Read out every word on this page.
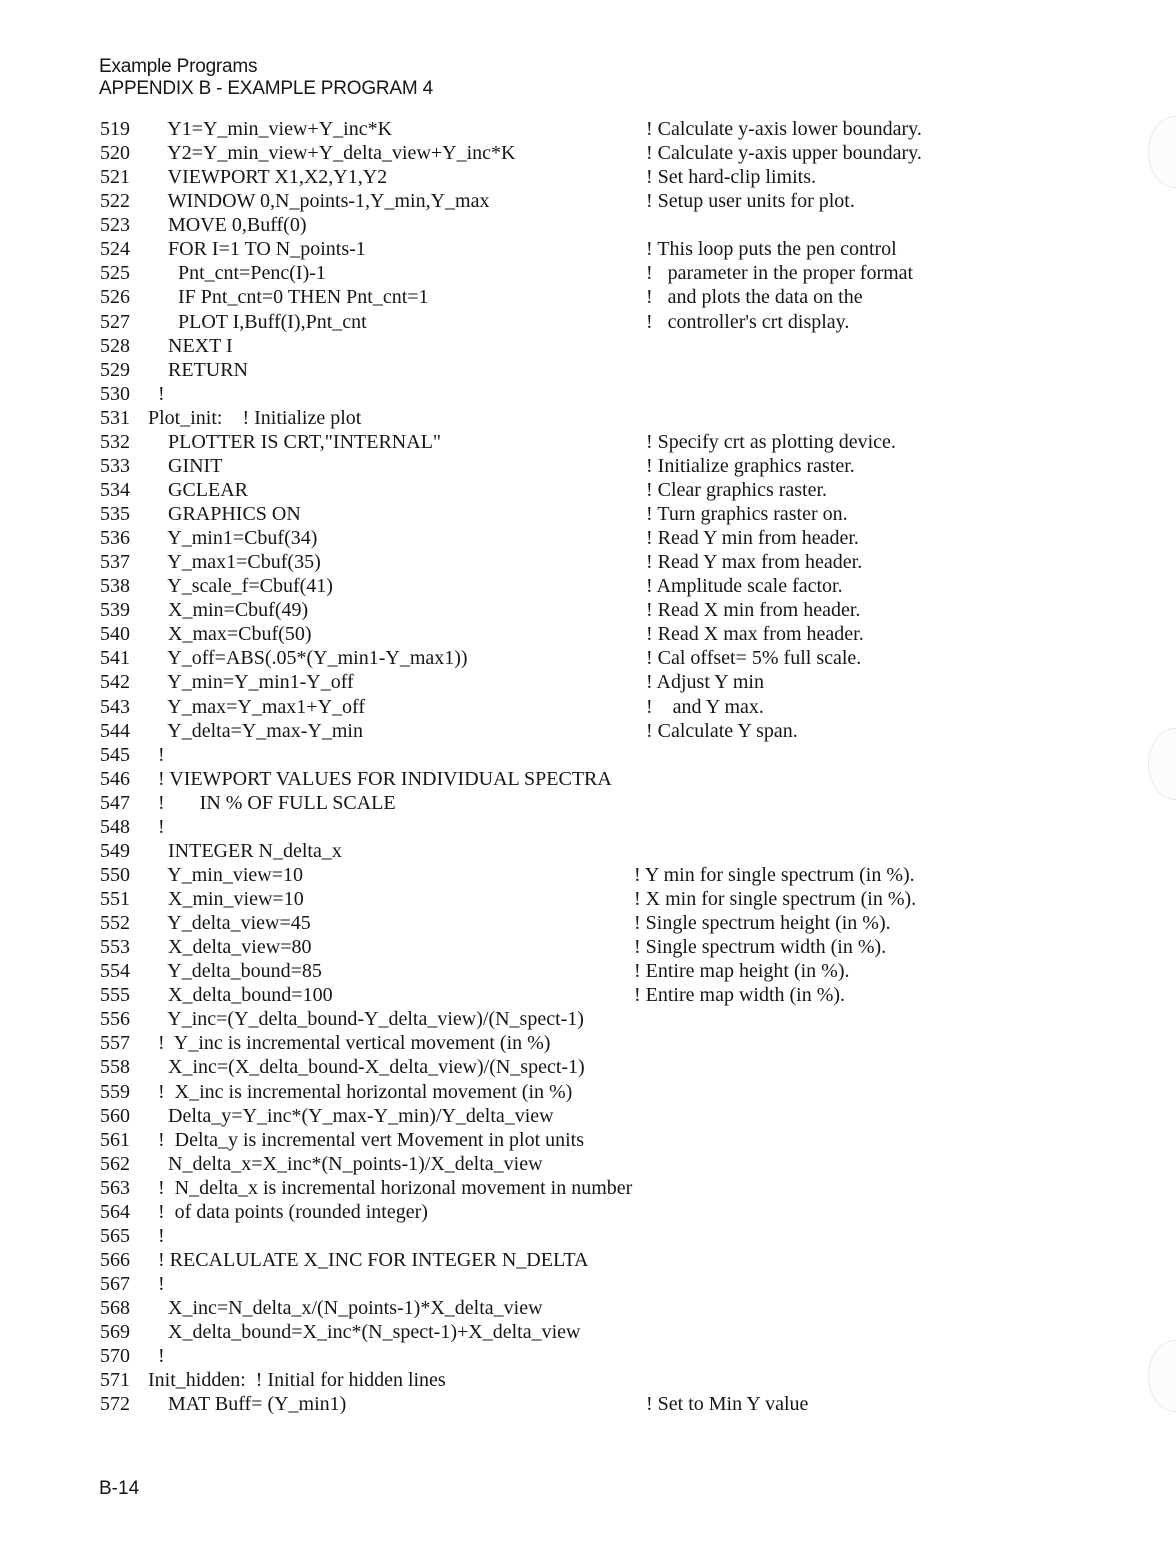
Example Programs
APPENDIX B - EXAMPLE PROGRAM 4
519 Y1=Y_min_view+Y_inc*K	! Calculate y-axis lower boundary.
520 Y2=Y_min_view+Y_delta_view+Y_inc*K	! Calculate y-axis upper boundary.
521 VIEWPORT X1,X2,Y1,Y2	! Set hard-clip limits.
522 WINDOW 0,N_points-1,Y_min,Y_max	! Setup user units for plot.
523 MOVE 0,Buff(0)
524 FOR I=1 TO N_points-1	! This loop puts the pen control
525 Pnt_cnt=Penc(I)-1	!   parameter in the proper format
526 IF Pnt_cnt=0 THEN Pnt_cnt=1	!   and plots the data on the
527 PLOT I,Buff(I),Pnt_cnt	!   controller's crt display.
528 NEXT I
529 RETURN
530 !
531 Plot_init:    ! Initialize plot
532 PLOTTER IS CRT,"INTERNAL"	! Specify crt as plotting device.
533 GINIT	! Initialize graphics raster.
534 GCLEAR	! Clear graphics raster.
535 GRAPHICS ON	! Turn graphics raster on.
536 Y_min1=Cbuf(34)	! Read Y min from header.
537 Y_max1=Cbuf(35)	! Read Y max from header.
538 Y_scale_f=Cbuf(41)	! Amplitude scale factor.
539 X_min=Cbuf(49)	! Read X min from header.
540 X_max=Cbuf(50)	! Read X max from header.
541 Y_off=ABS(.05*(Y_min1-Y_max1))	! Cal offset= 5% full scale.
542 Y_min=Y_min1-Y_off	! Adjust Y min
543 Y_max=Y_max1+Y_off	!    and Y max.
544 Y_delta=Y_max-Y_min	! Calculate Y span.
545 !
546 ! VIEWPORT VALUES FOR INDIVIDUAL SPECTRA
547 !       IN % OF FULL SCALE
548 !
549 INTEGER N_delta_x
550 Y_min_view=10	! Y min for single spectrum (in %).
551 X_min_view=10	! X min for single spectrum (in %).
552 Y_delta_view=45	! Single spectrum height (in %).
553 X_delta_view=80	! Single spectrum width (in %).
554 Y_delta_bound=85	! Entire map height (in %).
555 X_delta_bound=100	! Entire map width (in %).
556 Y_inc=(Y_delta_bound-Y_delta_view)/(N_spect-1)
557 !  Y_inc is incremental vertical movement (in %)
558 X_inc=(X_delta_bound-X_delta_view)/(N_spect-1)
559 !  X_inc is incremental horizontal movement (in %)
560 Delta_y=Y_inc*(Y_max-Y_min)/Y_delta_view
561 !  Delta_y is incremental vert Movement in plot units
562 N_delta_x=X_inc*(N_points-1)/X_delta_view
563 !  N_delta_x is incremental horizonal movement in number
564 !  of data points (rounded integer)
565 !
566 ! RECALULATE X_INC FOR INTEGER N_DELTA
567 !
568 X_inc=N_delta_x/(N_points-1)*X_delta_view
569 X_delta_bound=X_inc*(N_spect-1)+X_delta_view
570 !
571 Init_hidden:  ! Initial for hidden lines
572 MAT Buff= (Y_min1)	! Set to Min Y value
B-14
